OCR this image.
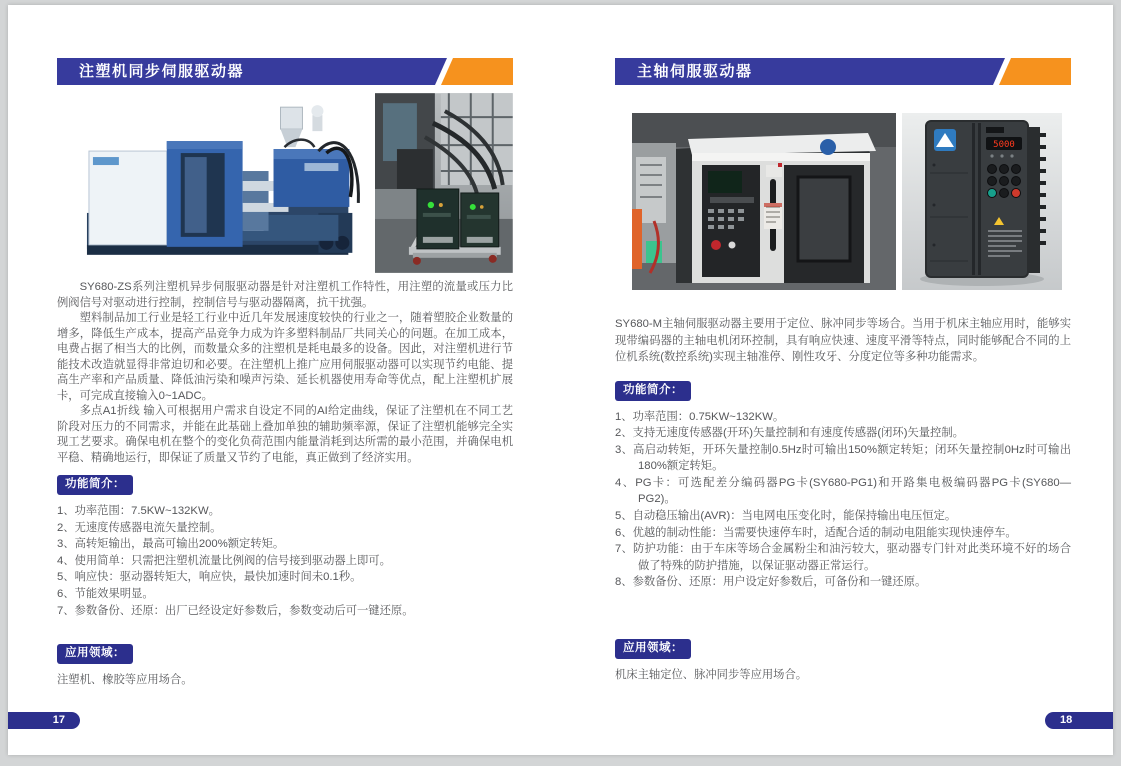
注塑机同步伺服驱动器

SY680-ZS系列注塑机异步伺服驱动器是针对注塑机工作特性，用注塑的流量或压力比例阀信号对驱动进行控制，控制信号与驱动器隔离，抗干扰强。

塑料制品加工行业是轻工行业中近几年发展速度较快的行业之一，随着塑胶企业数量的增多，降低生产成本，提高产品竞争力成为许多塑料制品厂共同关心的问题。在加工成本，电费占据了相当大的比例，而数量众多的注塑机是耗电最多的设备。因此，对注塑机进行节能技术改造就显得非常迫切和必要。在注塑机上推广应用伺服驱动器可以实现节约电能、提高生产率和产品质量、降低油污染和噪声污染、延长机器使用寿命等优点，配上注塑机扩展卡，可完成直接输入0~1ADC。

多点A1折线 输入可根据用户需求自设定不同的AI给定曲线，保证了注塑机在不同工艺阶段对压力的不同需求，并能在此基础上叠加单独的辅助频率源，保证了注塑机能够完全实现工艺要求。确保电机在整个的变化负荷范围内能量消耗到达所需的最小范围，并确保电机平稳、精确地运行，即保证了质量又节约了电能，真正做到了经济实用。

功能简介：
1、功率范围：7.5KW~132KW。
2、无速度传感器电流矢量控制。
3、高转矩输出，最高可输出200%额定转矩。
4、使用简单：只需把注塑机流量比例阀的信号接到驱动器上即可。
5、响应快：驱动器转矩大，响应快，最快加速时间未0.1秒。
6、节能效果明显。
7、参数备份、还原：出厂已经设定好参数后，参数变动后可一键还原。
应用领域：
注塑机、橡胶等应用场合。
主轴伺服驱动器
5000

SY680-M主轴伺服驱动器主要用于定位、脉冲同步等场合。当用于机床主轴应用时，能够实现带编码器的主轴电机闭环控制，具有响应快速、速度平滑等特点，同时能够配合不同的上位机系统(数控系统)实现主轴准停、刚性攻牙、分度定位等多种功能需求。

功能简介：
1、功率范围：0.75KW~132KW。
2、支持无速度传感器(开环)矢量控制和有速度传感器(闭环)矢量控制。
3、高启动转矩，开环矢量控制0.5Hz时可输出150%额定转矩；闭环矢量控制0Hz时可输出180%额定转矩。
4、PG卡：可选配差分编码器PG卡(SY680-PG1)和开路集电极编码器PG卡(SY680—PG2)。
5、自动稳压输出(AVR)：当电网电压变化时，能保持输出电压恒定。
6、优越的制动性能：当需要快速停车时，适配合适的制动电阻能实现快速停车。
7、防护功能：由于车床等场合金属粉尘和油污较大，驱动器专门针对此类环境不好的场合做了特殊的防护措施，以保证驱动器正常运行。
8、参数备份、还原：用户设定好参数后，可备份和一键还原。
应用领域：
机床主轴定位、脉冲同步等应用场合。
17	18
